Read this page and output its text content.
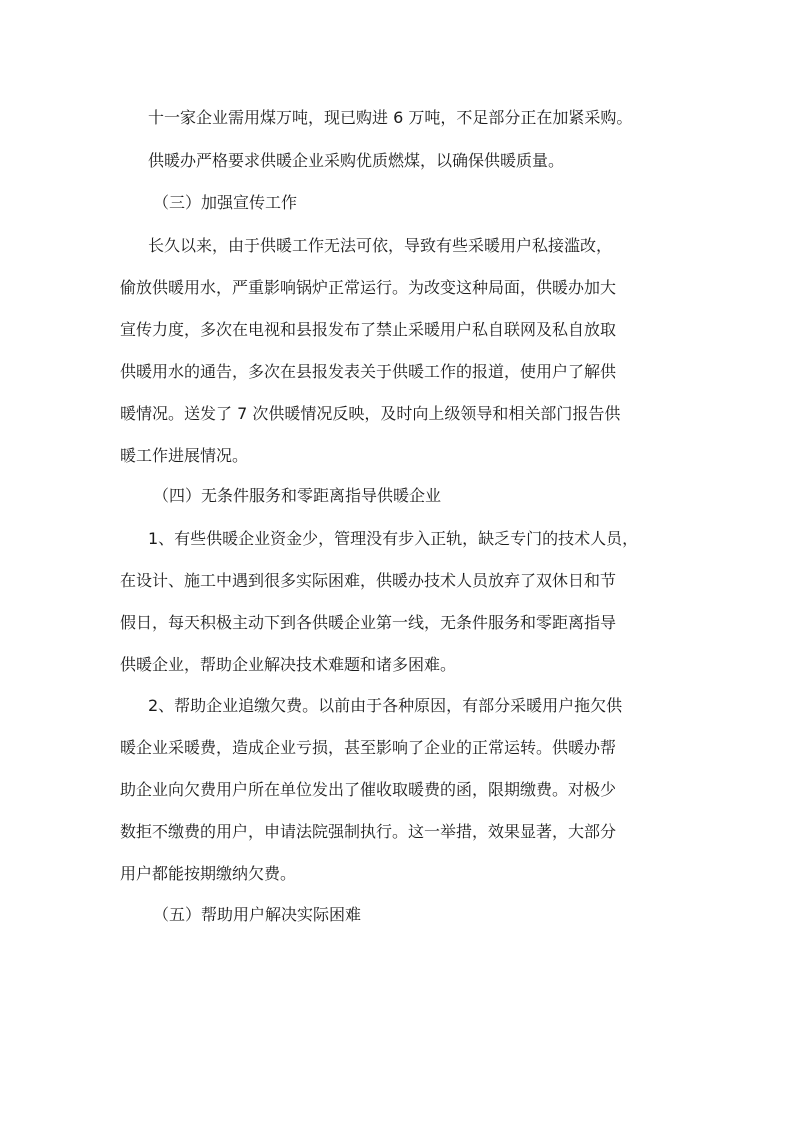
十一家企业需用煤万吨，现已购进 6 万吨，不足部分正在加紧采购。
供暖办严格要求供暖企业采购优质燃煤，以确保供暖质量。
（三）加强宣传工作
长久以来，由于供暖工作无法可依，导致有些采暖用户私接滥改，
偷放供暖用水，严重影响锅炉正常运行。为改变这种局面，供暖办加大
宣传力度，多次在电视和县报发布了禁止采暖用户私自联网及私自放取
供暖用水的通告，多次在县报发表关于供暖工作的报道，使用户了解供
暖情况。送发了 7 次供暖情况反映，及时向上级领导和相关部门报告供
暖工作进展情况。
（四）无条件服务和零距离指导供暖企业
1、有些供暖企业资金少，管理没有步入正轨，缺乏专门的技术人员，
在设计、施工中遇到很多实际困难，供暖办技术人员放弃了双休日和节
假日，每天积极主动下到各供暖企业第一线，无条件服务和零距离指导
供暖企业，帮助企业解决技术难题和诸多困难。
2、帮助企业追缴欠费。以前由于各种原因，有部分采暖用户拖欠供
暖企业采暖费，造成企业亏损，甚至影响了企业的正常运转。供暖办帮
助企业向欠费用户所在单位发出了催收取暖费的函，限期缴费。对极少
数拒不缴费的用户，申请法院强制执行。这一举措，效果显著，大部分
用户都能按期缴纳欠费。
（五）帮助用户解决实际困难
